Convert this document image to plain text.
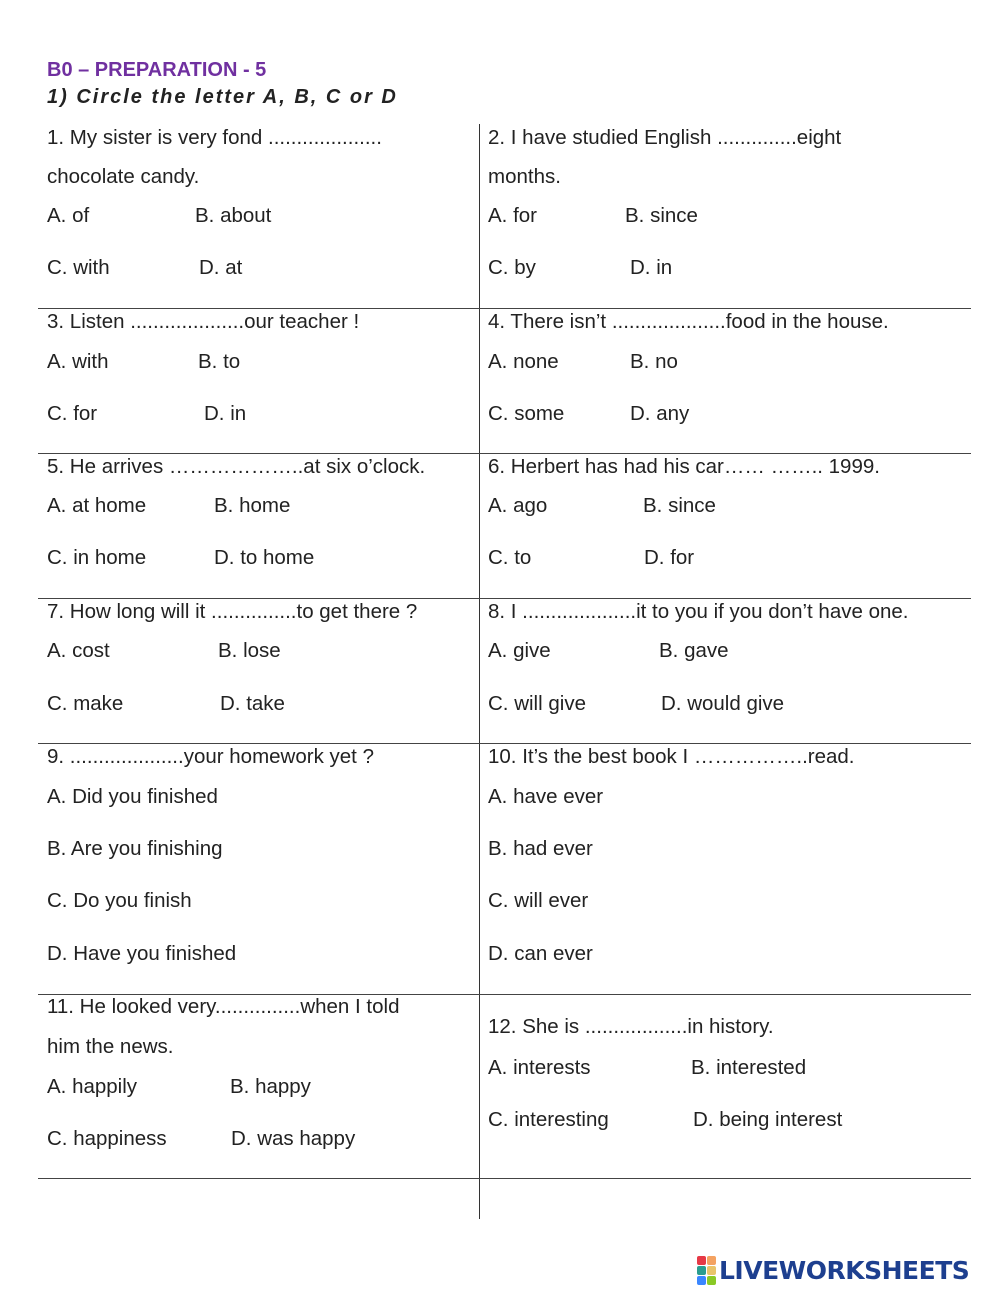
B0 – PREPARATION - 5
1) Circle the letter A, B, C or D
1. My sister is very fond ....................
chocolate candy.
A. of	B. about
C. with	D. at
2. I have studied English ..............eight
months.
A. for	B. since
C. by	D. in
3. Listen ....................our teacher !
A. with	B. to
C. for	D. in
4. There isn’t ....................food in the house.
A. none	B. no
C. some	D. any
5. He arrives ………………..at six o’clock.
A. at home	B. home
C. in home	D. to home
6. Herbert has had his car…… …….. 1999.
A. ago	B. since
C. to	D. for
7. How long will it ...............to get there ?
A. cost	B. lose
C. make	D. take
8. I ....................it to you if you don’t have one.
A. give	B. gave
C. will give	D. would give
9. ....................your homework yet ?
A. Did you finished
B. Are you finishing
C. Do you finish
D. Have you finished
10. It’s the best book I ……………..read.
A. have ever
B. had ever
C. will ever
D. can ever
11. He looked very...............when I told
him the news.
A. happily	B. happy
C. happiness	D. was happy
12. She is ..................in history.
A. interests	B. interested
C. interesting	D. being interest
LIVEWORKSHEETS
